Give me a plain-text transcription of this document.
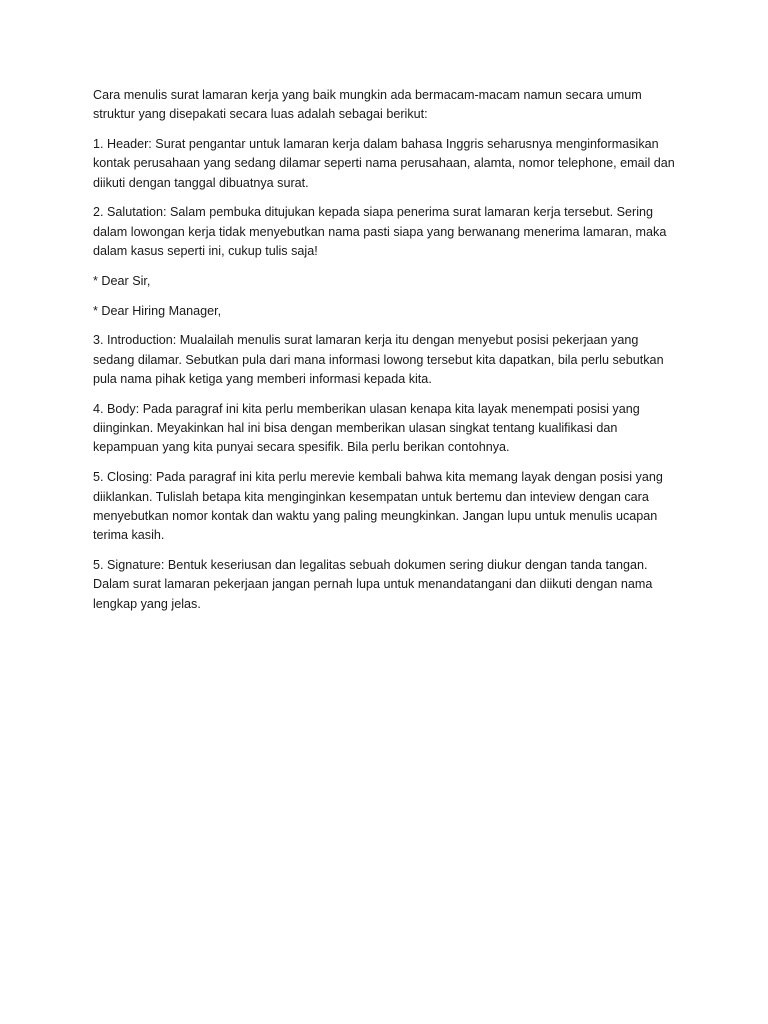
Cara menulis surat lamaran kerja yang baik mungkin ada bermacam-macam namun secara umum struktur yang disepakati secara luas adalah sebagai berikut:

1. Header: Surat pengantar untuk lamaran kerja dalam bahasa Inggris seharusnya menginformasikan kontak perusahaan yang sedang dilamar seperti nama perusahaan, alamta, nomor telephone, email dan diikuti dengan tanggal dibuatnya surat.

2. Salutation: Salam pembuka ditujukan kepada siapa penerima surat lamaran kerja tersebut. Sering dalam lowongan kerja tidak menyebutkan nama pasti siapa yang berwanang menerima lamaran, maka dalam kasus seperti ini, cukup tulis saja!

* Dear Sir,

* Dear Hiring Manager,

3. Introduction: Mualailah menulis surat lamaran kerja itu dengan menyebut posisi pekerjaan yang sedang dilamar. Sebutkan pula dari mana informasi lowong tersebut kita dapatkan, bila perlu sebutkan pula nama pihak ketiga yang memberi informasi kepada kita.

4. Body: Pada paragraf ini kita perlu memberikan ulasan kenapa kita layak menempati posisi yang diinginkan. Meyakinkan hal ini bisa dengan memberikan ulasan singkat tentang kualifikasi dan kepampuan yang kita punyai secara spesifik. Bila perlu berikan contohnya.

5. Closing: Pada paragraf ini kita perlu merevie kembali bahwa kita memang layak dengan posisi yang diiklankan. Tulislah betapa kita menginginkan kesempatan untuk bertemu dan inteview dengan cara menyebutkan nomor kontak dan waktu yang paling meungkinkan. Jangan lupu untuk menulis ucapan terima kasih.

5. Signature: Bentuk keseriusan dan legalitas sebuah dokumen sering diukur dengan tanda tangan. Dalam surat lamaran pekerjaan jangan pernah lupa untuk menandatangani dan diikuti dengan nama lengkap yang jelas.
